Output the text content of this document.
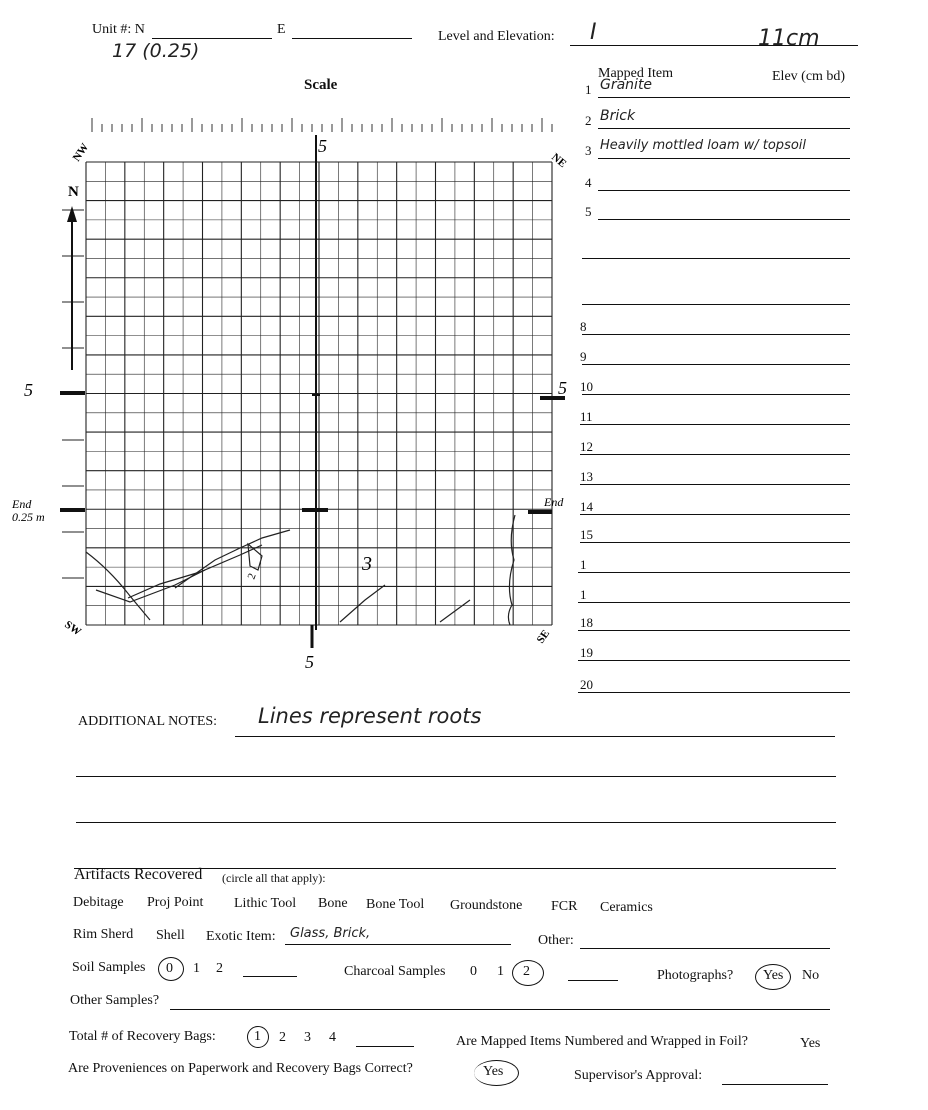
Unit #: N
17 (0.25)
E	Level and Elevation: I	11cm
Scale
N
NW	NE
SW	SE
5
5
5	5
End 0.25 m
End
3
2
Mapped Item	Elev (cm bd)
1 Granite
2 Brick
3 Heavily mottled loam w/ topsoil
4
5
8
9
10
11
12
13
14
15
1
1
18
19
20
ADDITIONAL NOTES: Lines represent roots
Artifacts Recovered (circle all that apply):
Debitage Proj Point Lithic Tool Bone Bone Tool Groundstone FCR Ceramics
Rim Sherd Shell Exotic Item: Glass, Brick,	Other:
Soil Samples 0 1 2	Charcoal Samples 0 1 2	Photographs? Yes No
Other Samples?
Total # of Recovery Bags:	1 2 3 4	Are Mapped Items Numbered and Wrapped in Foil?	Yes
Are Proveniences on Paperwork and Recovery Bags Correct?	Yes	Supervisor's Approval:
